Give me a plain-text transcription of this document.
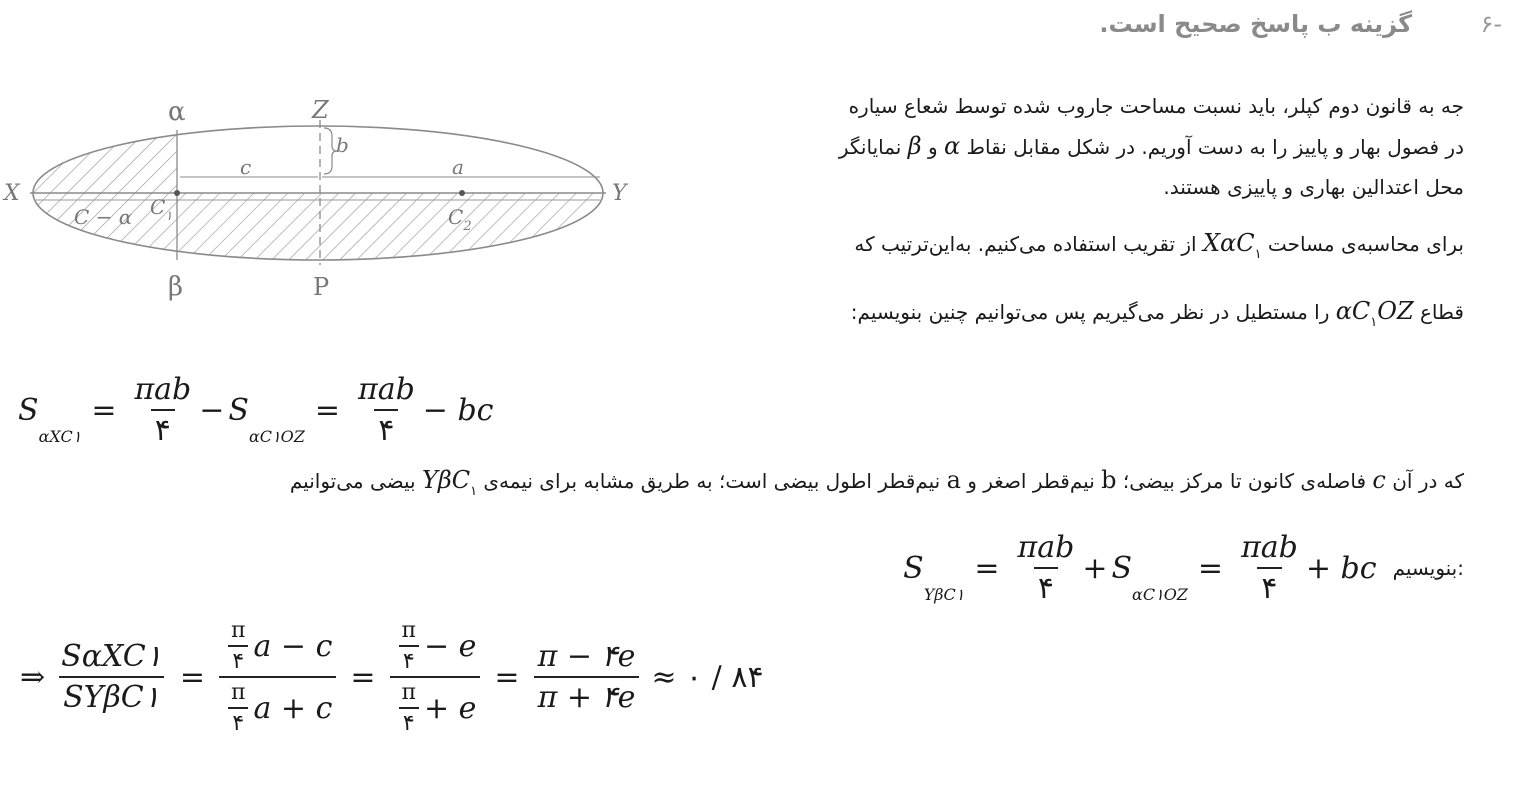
-۶ گزینه ب پاسخ صحیح است.
α	Z
b
c	a
X	Y
$C_۱$	$C_2$
C − α
β	P
جه به قانون دوم کپلر، باید نسبت مساحت جاروب شده توسط شعاع سیاره
در فصول بهار و پاییز را به دست آوریم. در شکل مقابل نقاط α و β نمایانگر
محل اعتدالین بهاری و پاییزی هستند.
برای محاسبه‌ی مساحت XαC$_۱$ از تقریب استفاده می‌کنیم. به‌این‌ترتیب که
قطاع $\alpha C_۱OZ$ را مستطیل در نظر می‌گیریم پس می‌توانیم چنین بنویسیم:
S
αXC۱
= $\frac{\text{πab}}{۴} - S$
αC۱OZ
= $\frac{\text{πab}}{۴}$ − bc
که در آن c فاصله‌ی کانون تا مرکز بیضی؛ b نیم‌قطر اصغر و a نیم‌قطر اطول بیضی است؛ به طریق مشابه برای نیمه‌ی YβC$_۱$ بیضی می‌توانیم
S
YβC۱
= $\frac{\text{πab}}{۴} + S$
αC۱OZ
= $\frac{\text{πab}}{۴}$ + bc بنویسیم:
⇒ $\frac{\text{SαXC۱}}{\text{SYβC۱}} = \frac{\frac{\pi}{۴} a - c}{\frac{\pi}{۴} a + c} = \frac{\frac{\pi}{۴} - e}{\frac{\pi}{۴} + e} = \frac{\pi - ۴e}{\pi + ۴e}$ ≈ ۰ / ۸۴
